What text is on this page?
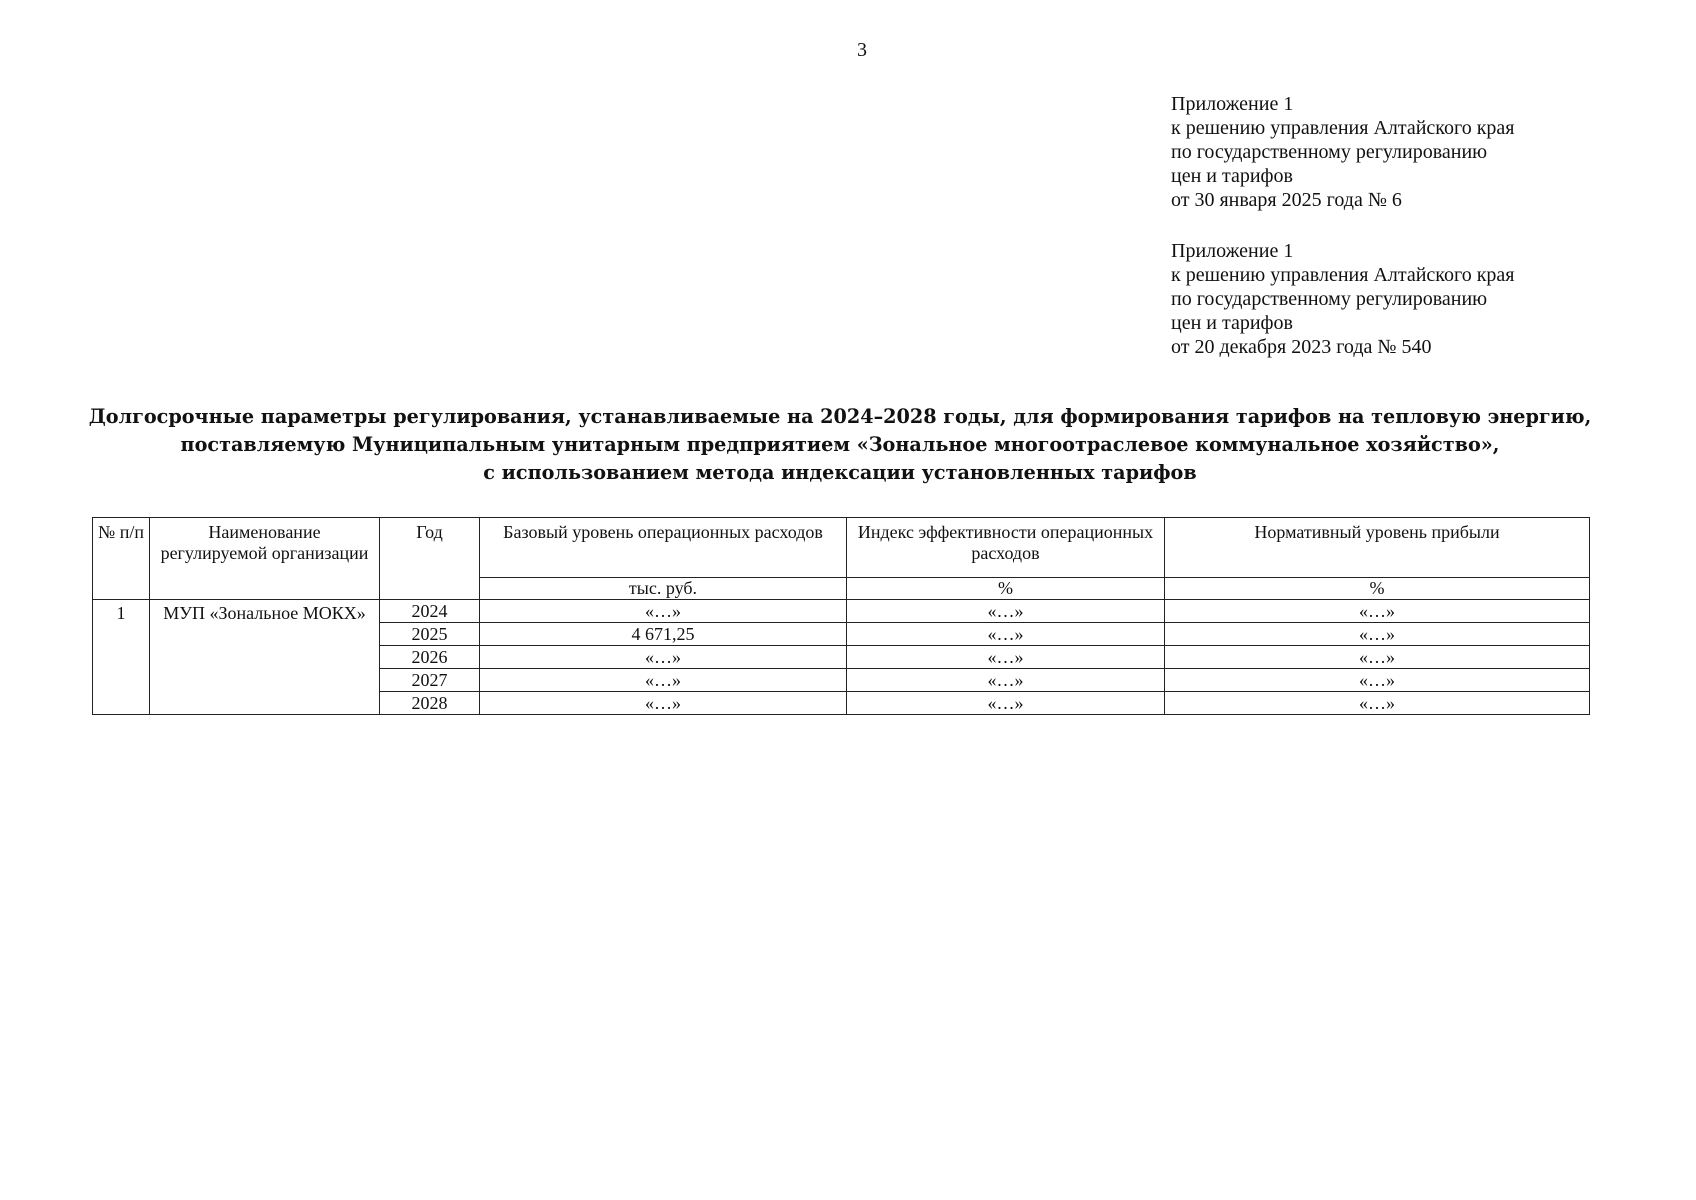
3
Приложение 1
к решению управления Алтайского края
по государственному регулированию
цен и тарифов
от 30 января 2025 года № 6
Приложение 1
к решению управления Алтайского края
по государственному регулированию
цен и тарифов
от 20 декабря 2023 года № 540
Долгосрочные параметры регулирования, устанавливаемые на 2024–2028 годы, для формирования тарифов на тепловую энергию,
поставляемую Муниципальным унитарным предприятием «Зональное многоотраслевое коммунальное хозяйство»,
с использованием метода индексации установленных тарифов
№ п/п	Наименование регулируемой организации	Год	Базовый уровень операционных расходов	Индекс эффективности операционных расходов	Нормативный уровень прибыли
			тыс. руб.	%	%
1	МУП «Зональное МОКХ»	2024	«…»	«…»	«…»
		2025	4 671,25	«…»	«…»
		2026	«…»	«…»	«…»
		2027	«…»	«…»	«…»
		2028	«…»	«…»	«…»
